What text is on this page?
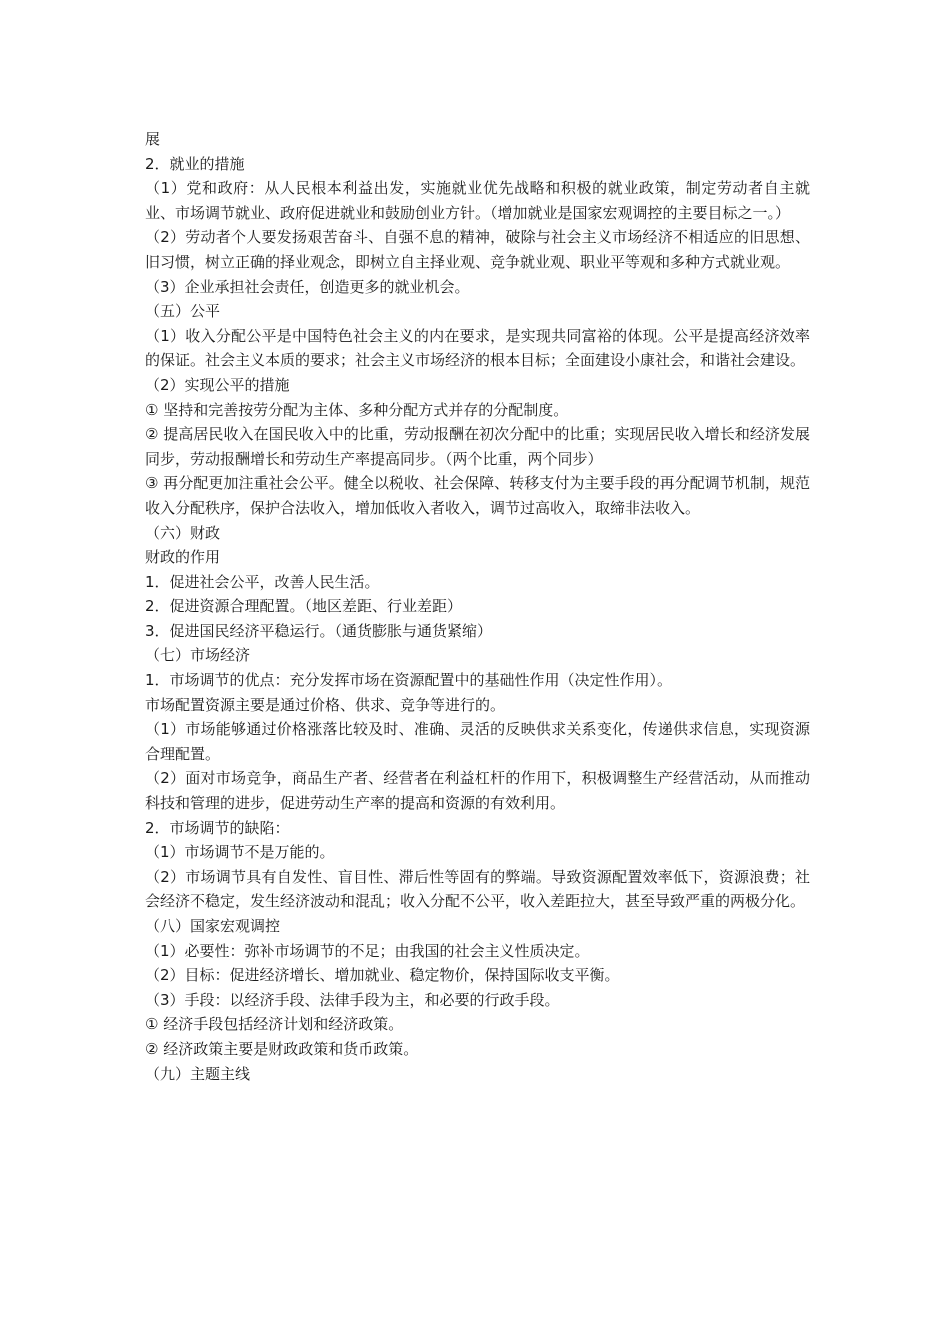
展

2．就业的措施

（1）党和政府：从人民根本利益出发，实施就业优先战略和积极的就业政策，制定劳动者自主就业、市场调节就业、政府促进就业和鼓励创业方针。（增加就业是国家宏观调控的主要目标之一。）

（2）劳动者个人要发扬艰苦奋斗、自强不息的精神，破除与社会主义市场经济不相适应的旧思想、旧习惯，树立正确的择业观念，即树立自主择业观、竞争就业观、职业平等观和多种方式就业观。

（3）企业承担社会责任，创造更多的就业机会。

（五）公平

（1）收入分配公平是中国特色社会主义的内在要求，是实现共同富裕的体现。公平是提高经济效率的保证。社会主义本质的要求；社会主义市场经济的根本目标；全面建设小康社会，和谐社会建设。

（2）实现公平的措施

① 坚持和完善按劳分配为主体、多种分配方式并存的分配制度。

② 提高居民收入在国民收入中的比重，劳动报酬在初次分配中的比重；实现居民收入增长和经济发展同步，劳动报酬增长和劳动生产率提高同步。（两个比重，两个同步）

③ 再分配更加注重社会公平。健全以税收、社会保障、转移支付为主要手段的再分配调节机制，规范收入分配秩序，保护合法收入，增加低收入者收入，调节过高收入，取缔非法收入。

（六）财政

财政的作用

1．促进社会公平，改善人民生活。

2．促进资源合理配置。（地区差距、行业差距）

3．促进国民经济平稳运行。（通货膨胀与通货紧缩）

（七）市场经济

1．市场调节的优点：充分发挥市场在资源配置中的基础性作用（决定性作用）。

市场配置资源主要是通过价格、供求、竞争等进行的。

（1）市场能够通过价格涨落比较及时、准确、灵活的反映供求关系变化，传递供求信息，实现资源合理配置。

（2）面对市场竞争，商品生产者、经营者在利益杠杆的作用下，积极调整生产经营活动，从而推动科技和管理的进步，促进劳动生产率的提高和资源的有效利用。

2．市场调节的缺陷：

（1）市场调节不是万能的。

（2）市场调节具有自发性、盲目性、滞后性等固有的弊端。导致资源配置效率低下，资源浪费；社会经济不稳定，发生经济波动和混乱；收入分配不公平，收入差距拉大，甚至导致严重的两极分化。

（八）国家宏观调控

（1）必要性：弥补市场调节的不足；由我国的社会主义性质决定。

（2）目标：促进经济增长、增加就业、稳定物价，保持国际收支平衡。

（3）手段：以经济手段、法律手段为主，和必要的行政手段。

① 经济手段包括经济计划和经济政策。

② 经济政策主要是财政政策和货币政策。

（九）主题主线
